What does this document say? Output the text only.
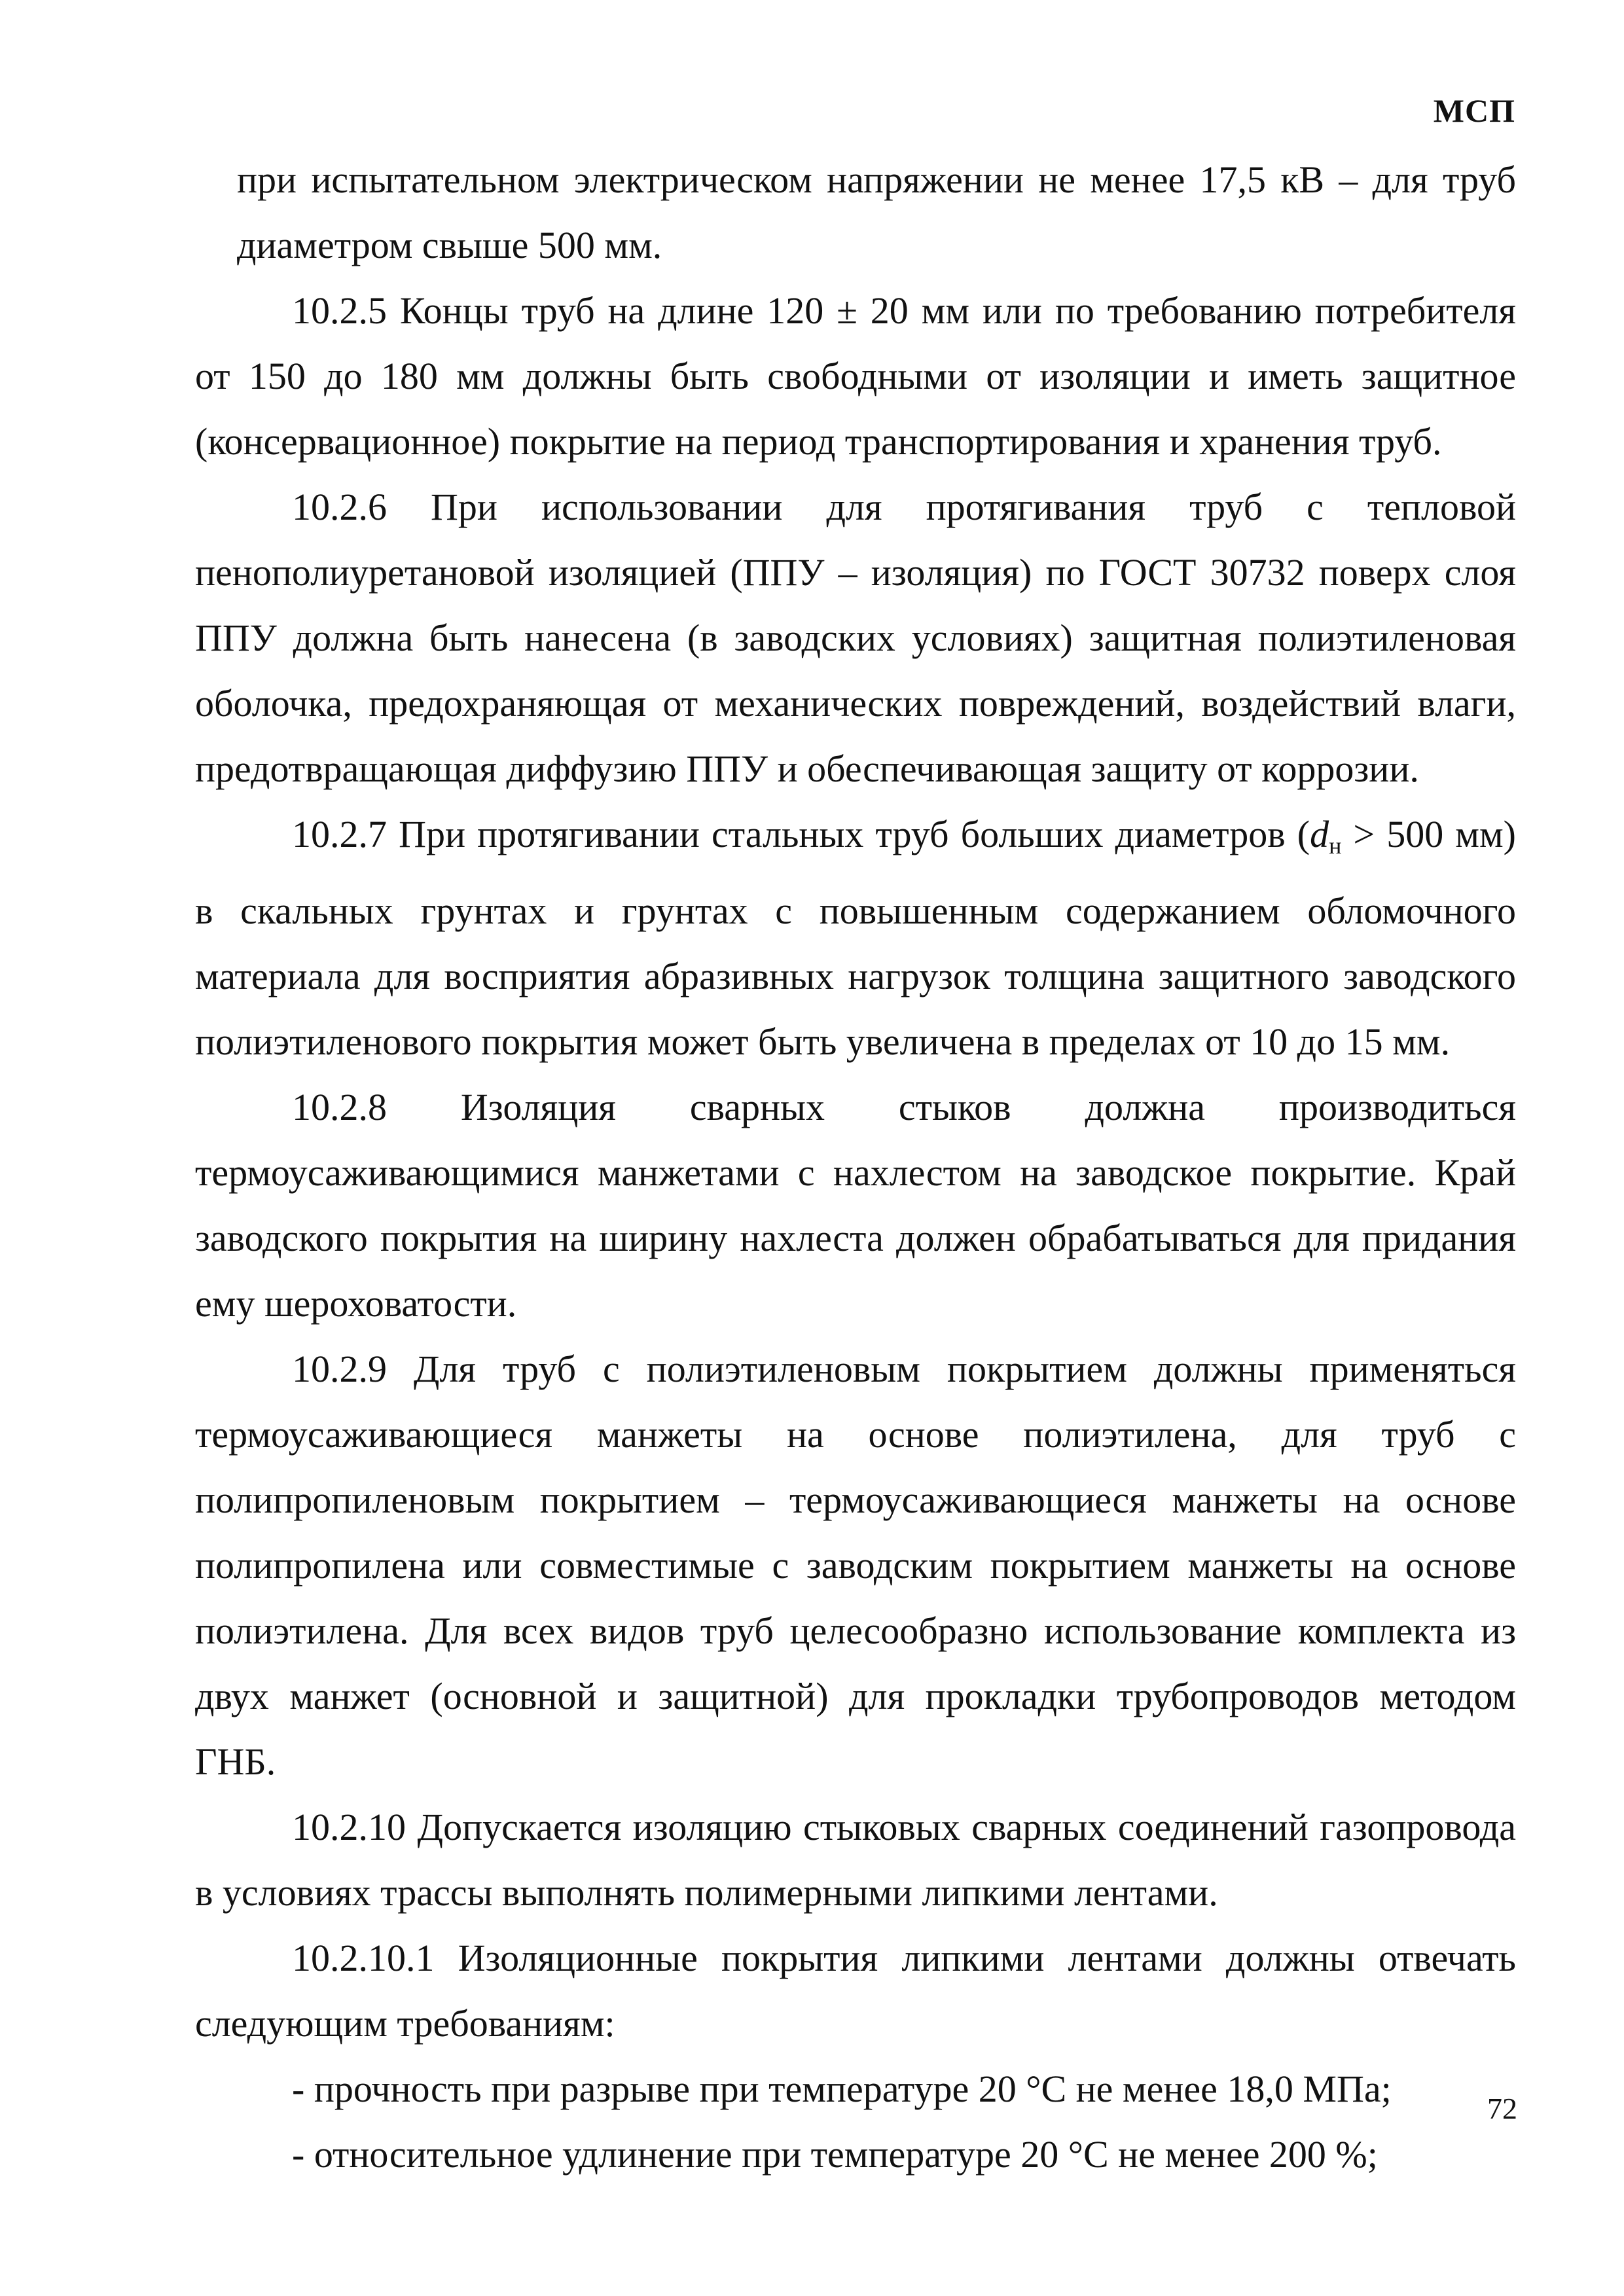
МСП

при испытательном электрическом напряжении не менее 17,5 кВ – для труб диаметром свыше 500 мм.

10.2.5 Концы труб на длине 120 ± 20 мм или по требованию потребителя от 150 до 180 мм должны быть свободными от изоляции и иметь защитное (консервационное) покрытие на период транспортирования и хранения труб.

10.2.6 При использовании для протягивания труб с тепловой пенополиуретановой изоляцией (ППУ – изоляция) по ГОСТ 30732 поверх слоя ППУ должна быть нанесена (в заводских условиях) защитная полиэтиленовая оболочка, предохраняющая от механических повреждений, воздействий влаги, предотвращающая диффузию ППУ и обеспечивающая защиту от коррозии.

10.2.7 При протягивании стальных труб больших диаметров ($d_н > 500$ мм) в скальных грунтах и грунтах с повышенным содержанием обломочного материала для восприятия абразивных нагрузок толщина защитного заводского полиэтиленового покрытия может быть увеличена в пределах от 10 до 15 мм.

10.2.8 Изоляция сварных стыков должна производиться термоусаживающимися манжетами с нахлестом на заводское покрытие. Край заводского покрытия на ширину нахлеста должен обрабатываться для придания ему шероховатости.

10.2.9 Для труб с полиэтиленовым покрытием должны применяться термоусаживающиеся манжеты на основе полиэтилена, для труб с полипропиленовым покрытием – термоусаживающиеся манжеты на основе полипропилена или совместимые с заводским покрытием манжеты на основе полиэтилена. Для всех видов труб целесообразно использование комплекта из двух манжет (основной и защитной) для прокладки трубопроводов методом ГНБ.

10.2.10 Допускается изоляцию стыковых сварных соединений газопровода в условиях трассы выполнять полимерными липкими лентами.

10.2.10.1 Изоляционные покрытия липкими лентами должны отвечать следующим требованиям:

- прочность при разрыве при температуре 20 °С не менее 18,0 МПа;

- относительное удлинение при температуре 20 °С не менее 200 %;

72
